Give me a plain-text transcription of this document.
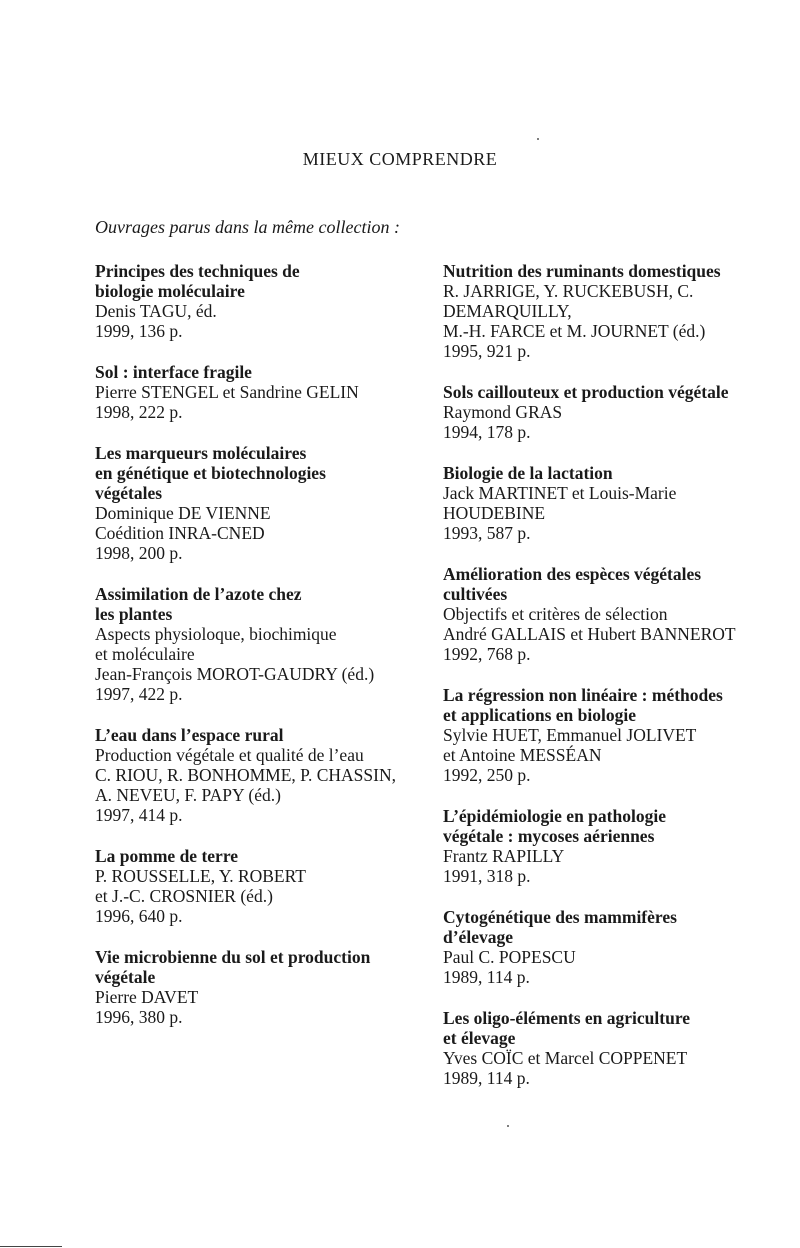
MIEUX COMPRENDRE
Ouvrages parus dans la même collection :
Principes des techniques de
biologie moléculaire
Denis TAGU, éd.
1999, 136 p.
Sol : interface fragile
Pierre STENGEL et Sandrine GELIN
1998, 222 p.
Les marqueurs moléculaires
en génétique et biotechnologies
végétales
Dominique DE VIENNE
Coédition INRA-CNED
1998, 200 p.
Assimilation de l’azote chez
les plantes
Aspects physioloque, biochimique
et moléculaire
Jean-François MOROT-GAUDRY (éd.)
1997, 422 p.
L’eau dans l’espace rural
Production végétale et qualité de l’eau
C. RIOU, R. BONHOMME, P. CHASSIN,
A. NEVEU, F. PAPY (éd.)
1997, 414 p.
La pomme de terre
P. ROUSSELLE, Y. ROBERT
et J.-C. CROSNIER (éd.)
1996, 640 p.
Vie microbienne du sol et production
végétale
Pierre DAVET
1996, 380 p.
Nutrition des ruminants domestiques
R. JARRIGE, Y. RUCKEBUSH, C. DEMARQUILLY,
M.-H. FARCE et M. JOURNET (éd.)
1995, 921 p.
Sols caillouteux et production végétale
Raymond GRAS
1994, 178 p.
Biologie de la lactation
Jack MARTINET et Louis-Marie HOUDEBINE
1993, 587 p.
Amélioration des espèces végétales
cultivées
Objectifs et critères de sélection
André GALLAIS et Hubert BANNEROT
1992, 768 p.
La régression non linéaire : méthodes
et applications en biologie
Sylvie HUET, Emmanuel JOLIVET
et Antoine MESSÉAN
1992, 250 p.
L’épidémiologie en pathologie
végétale : mycoses aériennes
Frantz RAPILLY
1991, 318 p.
Cytogénétique des mammifères
d’élevage
Paul C. POPESCU
1989, 114 p.
Les oligo-éléments en agriculture
et élevage
Yves COÏC et Marcel COPPENET
1989, 114 p.
